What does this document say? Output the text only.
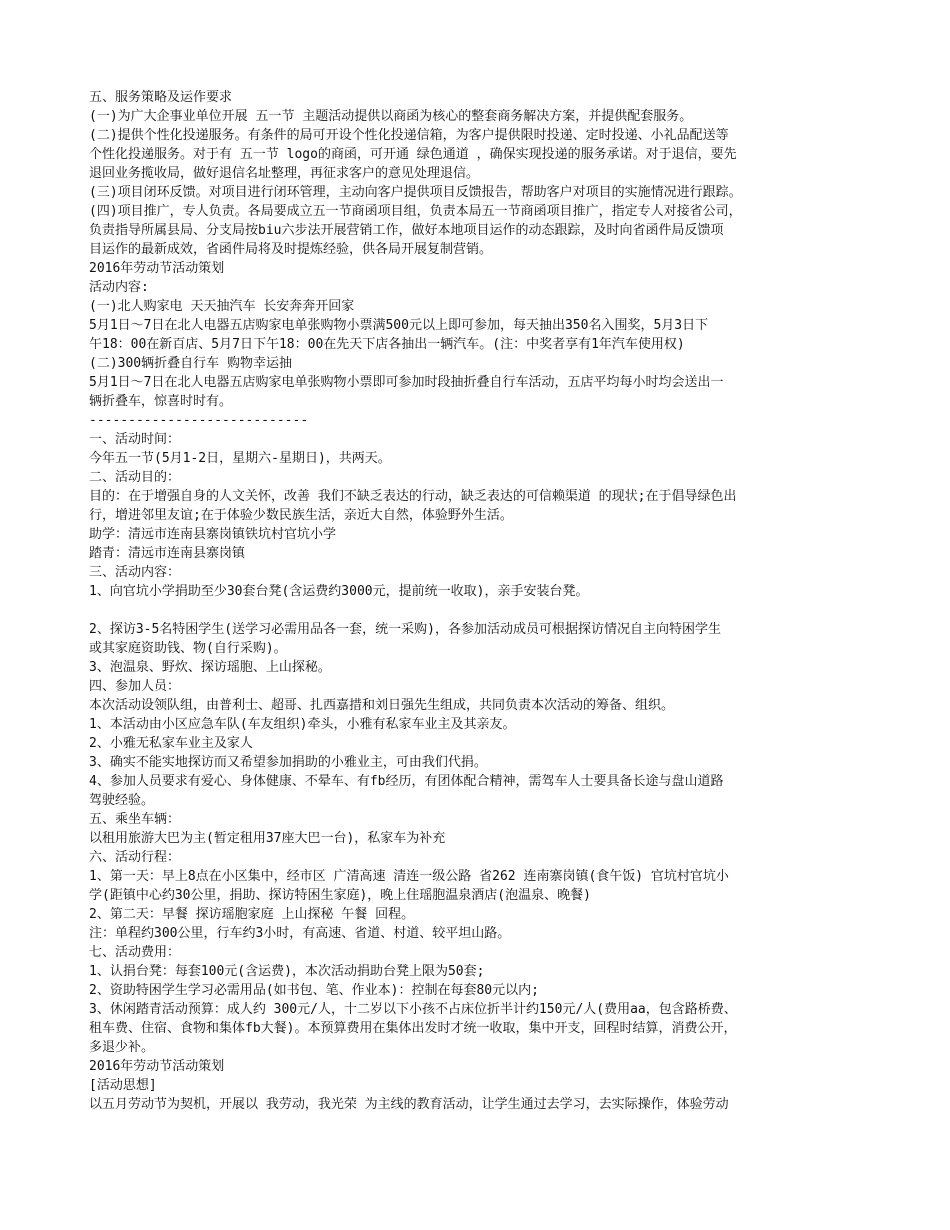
五、服务策略及运作要求
(一)为广大企事业单位开展 五一节 主题活动提供以商函为核心的整套商务解决方案，并提供配套服务。
(二)提供个性化投递服务。有条件的局可开设个性化投递信箱，为客户提供限时投递、定时投递、小礼品配送等
个性化投递服务。对于有 五一节 logo的商函，可开通 绿色通道 ，确保实现投递的服务承诺。对于退信，要先
退回业务揽收局，做好退信名址整理，再征求客户的意见处理退信。
(三)项目闭环反馈。对项目进行闭环管理，主动向客户提供项目反馈报告，帮助客户对项目的实施情况进行跟踪。
(四)项目推广，专人负责。各局要成立五一节商函项目组，负责本局五一节商函项目推广，指定专人对接省公司，
负责指导所属县局、分支局按biu六步法开展营销工作，做好本地项目运作的动态跟踪，及时向省函件局反馈项
目运作的最新成效，省函件局将及时提炼经验，供各局开展复制营销。
2016年劳动节活动策划
活动内容:
(一)北人购家电 天天抽汽车 长安奔奔开回家
5月1日～7日在北人电器五店购家电单张购物小票满500元以上即可参加，每天抽出350名入围奖，5月3日下
午18：00在新百店、5月7日下午18：00在先天下店各抽出一辆汽车。(注：中奖者享有1年汽车使用权)
(二)300辆折叠自行车 购物幸运抽
5月1日～7日在北人电器五店购家电单张购物小票即可参加时段抽折叠自行车活动，五店平均每小时均会送出一
辆折叠车，惊喜时时有。
----------------------------
一、活动时间：
今年五一节(5月1-2日，星期六-星期日)，共两天。
二、活动目的：
目的：在于增强自身的人文关怀，改善 我们不缺乏表达的行动，缺乏表达的可信赖渠道 的现状;在于倡导绿色出
行，增进邻里友谊;在于体验少数民族生活，亲近大自然，体验野外生活。
助学：清远市连南县寨岗镇铁坑村官坑小学
踏青：清远市连南县寨岗镇
三、活动内容：
1、向官坑小学捐助至少30套台凳(含运费约3000元，提前统一收取)，亲手安装台凳。
2、探访3-5名特困学生(送学习必需用品各一套，统一采购)，各参加活动成员可根据探访情况自主向特困学生
或其家庭资助钱、物(自行采购)。
3、泡温泉、野炊、探访瑶胞、上山探秘。
四、参加人员：
本次活动设领队组，由普利士、超哥、扎西嘉措和刘日强先生组成，共同负责本次活动的筹备、组织。
1、本活动由小区应急车队(车友组织)牵头，小雅有私家车业主及其亲友。
2、小雅无私家车业主及家人
3、确实不能实地探访而又希望参加捐助的小雅业主，可由我们代捐。
4、参加人员要求有爱心、身体健康、不晕车、有fb经历，有团体配合精神，需驾车人士要具备长途与盘山道路
驾驶经验。
五、乘坐车辆：
以租用旅游大巴为主(暂定租用37座大巴一台)，私家车为补充
六、活动行程：
1、第一天：早上8点在小区集中，经市区 广清高速 清连一级公路 省262 连南寨岗镇(食午饭) 官坑村官坑小
学(距镇中心约30公里，捐助、探访特困生家庭)，晚上住瑶胞温泉酒店(泡温泉、晚餐)
2、第二天：早餐 探访瑶胞家庭 上山探秘 午餐 回程。
注：单程约300公里，行车约3小时，有高速、省道、村道、较平坦山路。
七、活动费用：
1、认捐台凳：每套100元(含运费)，本次活动捐助台凳上限为50套;
2、资助特困学生学习必需用品(如书包、笔、作业本)：控制在每套80元以内;
3、休闲踏青活动预算：成人约 300元/人，十二岁以下小孩不占床位折半计约150元/人(费用aa，包含路桥费、
租车费、住宿、食物和集体fb大餐)。本预算费用在集体出发时才统一收取，集中开支，回程时结算，消费公开，
多退少补。
2016年劳动节活动策划
[活动思想]
以五月劳动节为契机，开展以 我劳动，我光荣 为主线的教育活动，让学生通过去学习，去实际操作，体验劳动
